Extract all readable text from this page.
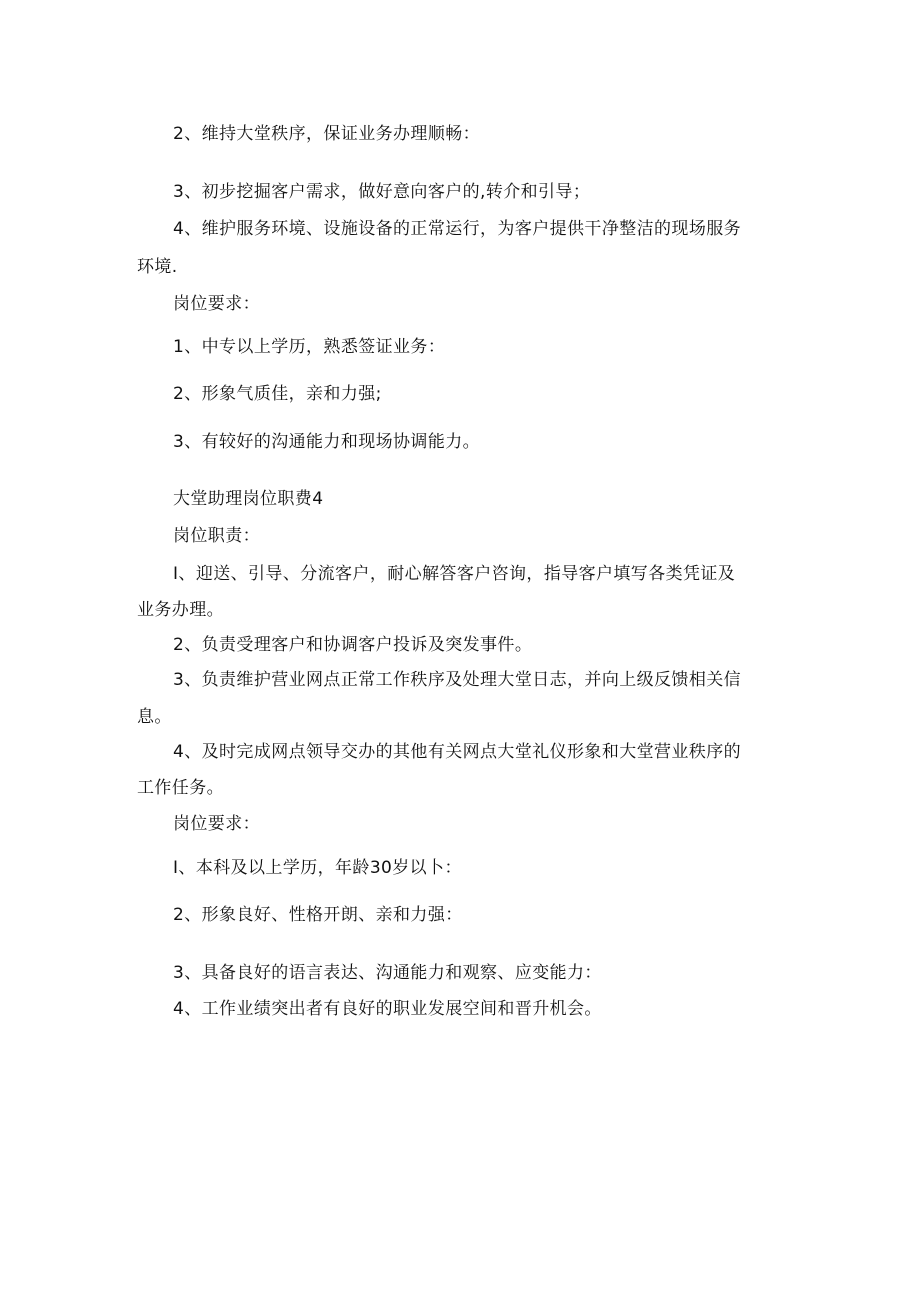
2、维持大堂秩序，保证业务办理顺畅：
3、初步挖掘客户需求，做好意向客户的,转介和引导；
4、维护服务环境、设施设备的正常运行，为客户提供干净整洁的现场服务
环境.
岗位要求：
1、中专以上学历，熟悉签证业务：
2、形象气质佳，亲和力强;
3、有较好的沟通能力和现场协调能力。
大堂助理岗位职费4
岗位职责：
I、迎送、引导、分流客户，耐心解答客户咨询，指导客户填写各类凭证及
业务办理。
2、负责受理客户和协调客户投诉及突发事件。
3、负责维护营业网点正常工作秩序及处理大堂日志，并向上级反馈相关信
息。
4、及时完成网点领导交办的其他有关网点大堂礼仪形象和大堂营业秩序的
工作任务。
岗位要求：
I、本科及以上学历，年龄30岁以卜：
2、形象良好、性格开朗、亲和力强：
3、具备良好的语言表达、沟通能力和观察、应变能力：
4、工作业绩突出者有良好的职业发展空间和晋升机会。
